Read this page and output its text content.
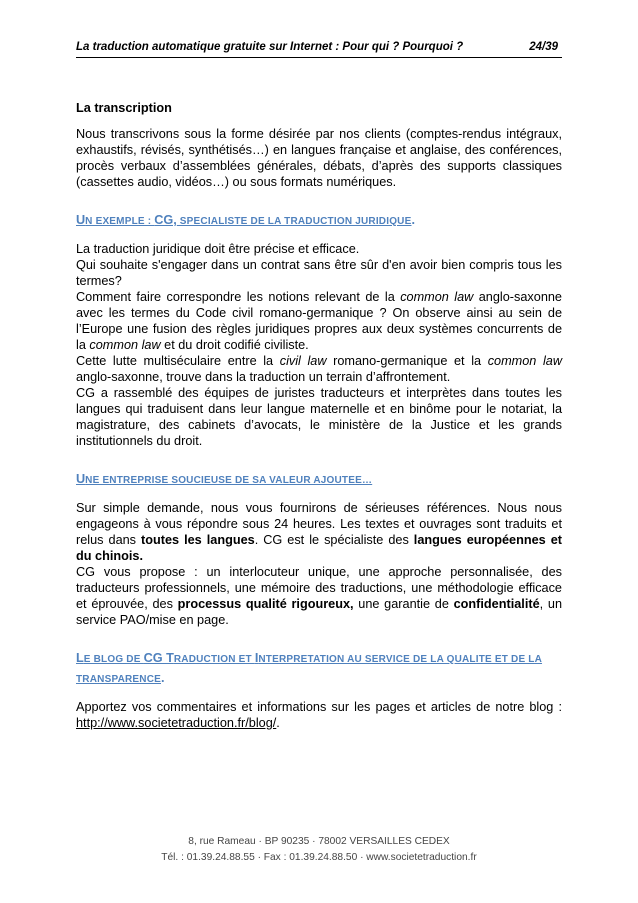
La traduction automatique gratuite sur Internet : Pour qui ? Pourquoi ?	24/39

La transcription

Nous transcrivons sous la forme désirée par nos clients (comptes-rendus intégraux, exhaustifs, révisés, synthétisés…) en langues française et anglaise, des conférences, procès verbaux d’assemblées générales, débats, d’après des supports classiques (cassettes audio, vidéos…) ou sous formats numériques.

UN EXEMPLE : CG, SPECIALISTE DE LA TRADUCTION JURIDIQUE.

La traduction juridique doit être précise et efficace.

Qui souhaite s'engager dans un contrat sans être sûr d'en avoir bien compris tous les termes?

Comment faire correspondre les notions relevant de la common law anglo-saxonne avec les termes du Code civil romano-germanique ? On observe ainsi au sein de l’Europe une fusion des règles juridiques propres aux deux systèmes concurrents de la common law et du droit codifié civiliste.

Cette lutte multiséculaire entre la civil law romano-germanique et la common law anglo-saxonne, trouve dans la traduction un terrain d’affrontement.

CG a rassemblé des équipes de juristes traducteurs et interprètes dans toutes les langues qui traduisent dans leur langue maternelle et en binôme pour le notariat, la magistrature, des cabinets d’avocats, le ministère de la Justice et les grands institutionnels du droit.

UNE ENTREPRISE SOUCIEUSE DE SA VALEUR AJOUTEE…

Sur simple demande, nous vous fournirons de sérieuses références. Nous nous engageons à vous répondre sous 24 heures. Les textes et ouvrages sont traduits et relus dans toutes les langues. CG est le spécialiste des langues européennes et du chinois.

CG vous propose : un interlocuteur unique, une approche personnalisée, des traducteurs professionnels, une mémoire des traductions, une méthodologie efficace et éprouvée, des processus qualité rigoureux, une garantie de confidentialité, un service PAO/mise en page.

LE BLOG DE CG TRADUCTION ET INTERPRETATION AU SERVICE DE LA QUALITE ET DE LA TRANSPARENCE.

Apportez vos commentaires et informations sur les pages et articles de notre blog : http://www.societetraduction.fr/blog/.

8, rue Rameau · BP 90235 · 78002 VERSAILLES CEDEX
Tél. : 01.39.24.88.55 · Fax : 01.39.24.88.50 · www.societetraduction.fr
